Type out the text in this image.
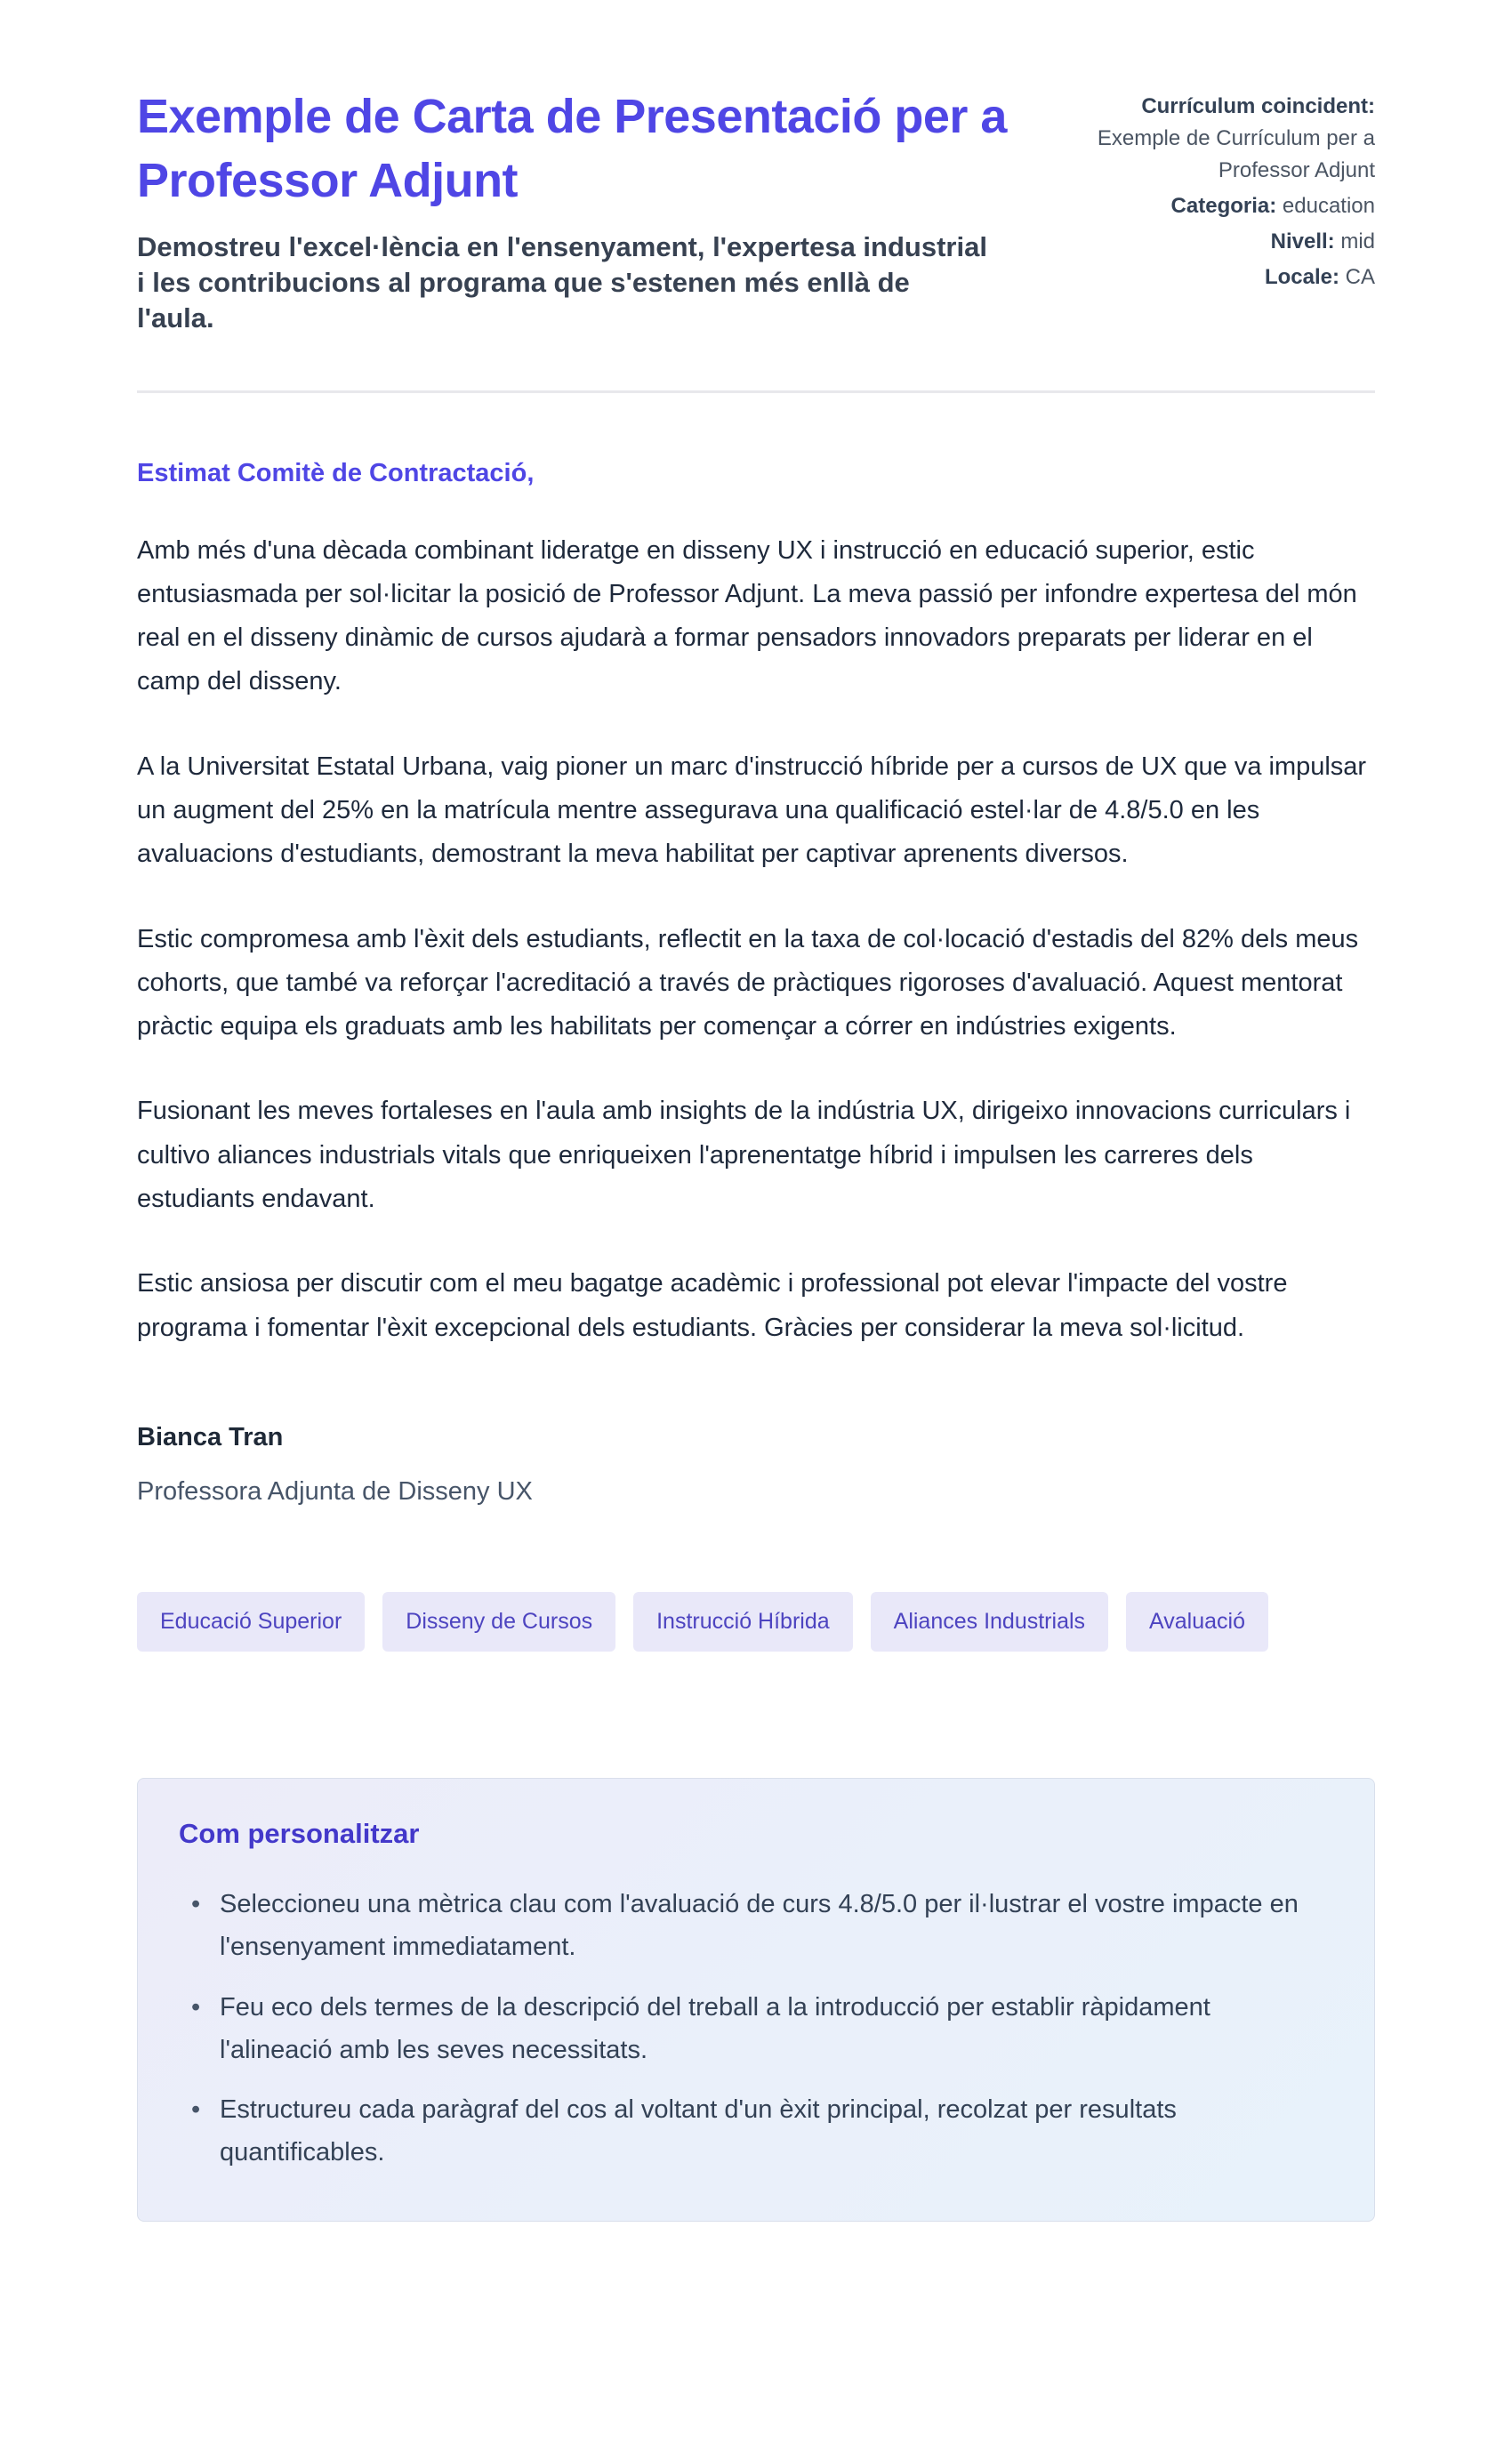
Exemple de Carta de Presentació per a Professor Adjunt

Demostreu l'excel·lència en l'ensenyament, l'expertesa industrial i les contribucions al programa que s'estenen més enllà de l'aula.

Currículum coincident:
Exemple de Currículum per a Professor Adjunt
Categoria: education
Nivell: mid
Locale: CA

Estimat Comitè de Contractació,

Amb més d'una dècada combinant lideratge en disseny UX i instrucció en educació superior, estic entusiasmada per sol·licitar la posició de Professor Adjunt. La meva passió per infondre expertesa del món real en el disseny dinàmic de cursos ajudarà a formar pensadors innovadors preparats per liderar en el camp del disseny.

A la Universitat Estatal Urbana, vaig pioner un marc d'instrucció híbride per a cursos de UX que va impulsar un augment del 25% en la matrícula mentre assegurava una qualificació estel·lar de 4.8/5.0 en les avaluacions d'estudiants, demostrant la meva habilitat per captivar aprenents diversos.

Estic compromesa amb l'èxit dels estudiants, reflectit en la taxa de col·locació d'estadis del 82% dels meus cohorts, que també va reforçar l'acreditació a través de pràctiques rigoroses d'avaluació. Aquest mentorat pràctic equipa els graduats amb les habilitats per començar a córrer en indústries exigents.

Fusionant les meves fortaleses en l'aula amb insights de la indústria UX, dirigeixo innovacions curriculars i cultivo aliances industrials vitals que enriqueixen l'aprenentatge híbrid i impulsen les carreres dels estudiants endavant.

Estic ansiosa per discutir com el meu bagatge acadèmic i professional pot elevar l'impacte del vostre programa i fomentar l'èxit excepcional dels estudiants. Gràcies per considerar la meva sol·licitud.

Bianca Tran

Professora Adjunta de Disseny UX

Educació Superior	Disseny de Cursos	Instrucció Híbrida	Aliances Industrials	Avaluació
Com personalitzar
• Seleccioneu una mètrica clau com l'avaluació de curs 4.8/5.0 per il·lustrar el vostre impacte en l'ensenyament immediatament.
• Feu eco dels termes de la descripció del treball a la introducció per establir ràpidament l'alineació amb les seves necessitats.
• Estructureu cada paràgraf del cos al voltant d'un èxit principal, recolzat per resultats quantificables.
